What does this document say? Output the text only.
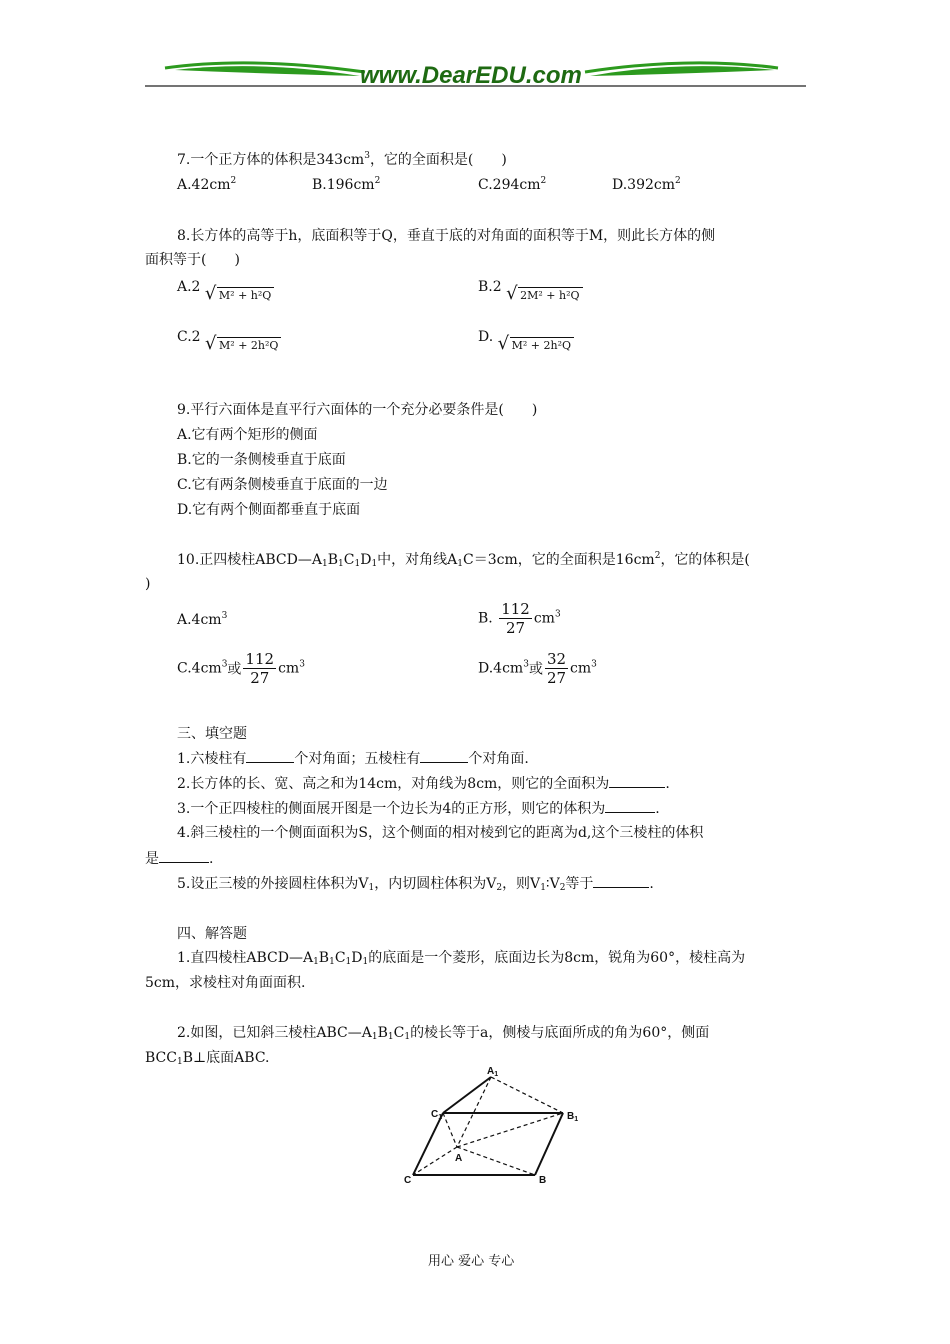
www.DearEDU.com
7.一个正方体的体积是$343cm^3$，它的全面积是(　　)
$A.42cm^2$	$B.196cm^2$	$C.294cm^2$	$D.392cm^2$
8.长方体的高等于h，底面积等于Q，垂直于底的对角面的面积等于M，则此长方体的侧
面积等于(　　)
A.2 √ M² + h²Q
B.2 √ 2M² + h²Q
C.2 √ M² + 2h²Q
D. √ M² + 2h²Q
9.平行六面体是直平行六面体的一个充分必要条件是(　　)
A.它有两个矩形的侧面
B.它的一条侧棱垂直于底面
C.它有两条侧棱垂直于底面的一边
D.它有两个侧面都垂直于底面
10.正四棱柱$ABCD—A_1B_1C_1D_1$中，对角线$A_1C=3cm$，它的全面积是$16cm^2$，它的体积是(
)
$A.4cm^3$	B. $\frac{112}{27} cm^3$
$C.4cm^3$或 $\frac{112}{27} cm^3$	$D.4cm^3$或 $\frac{32}{27} cm^3$
三、填空题
1.六棱柱有	个对角面；五棱柱有	个对角面.
2.长方体的长、宽、高之和为14cm，对角线为8cm，则它的全面积为	.
3.一个正四棱柱的侧面展开图是一个边长为4的正方形，则它的体积为	.
4.斜三棱柱的一个侧面面积为S，这个侧面的相对棱到它的距离为d,这个三棱柱的体积
是	.
5.设正三棱的外接圆柱体积为$V_1$，内切圆柱体积为$V_2$，则$V_1∶V_2$等于	.
四、解答题
1.直四棱柱$ABCD—A_1B_1C_1D_1$的底面是一个菱形，底面边长为8cm，锐角为60°，棱柱高为
5cm，求棱柱对角面面积.
2.如图，已知斜三棱柱$ABC—A_1B_1C_1$的棱长等于a，侧棱与底面所成的角为60°，侧面
$BCC_1B\perp$底面ABC.
$A_1$
$C_1$	$B_1$
A
C	B
用心 爱心 专心
